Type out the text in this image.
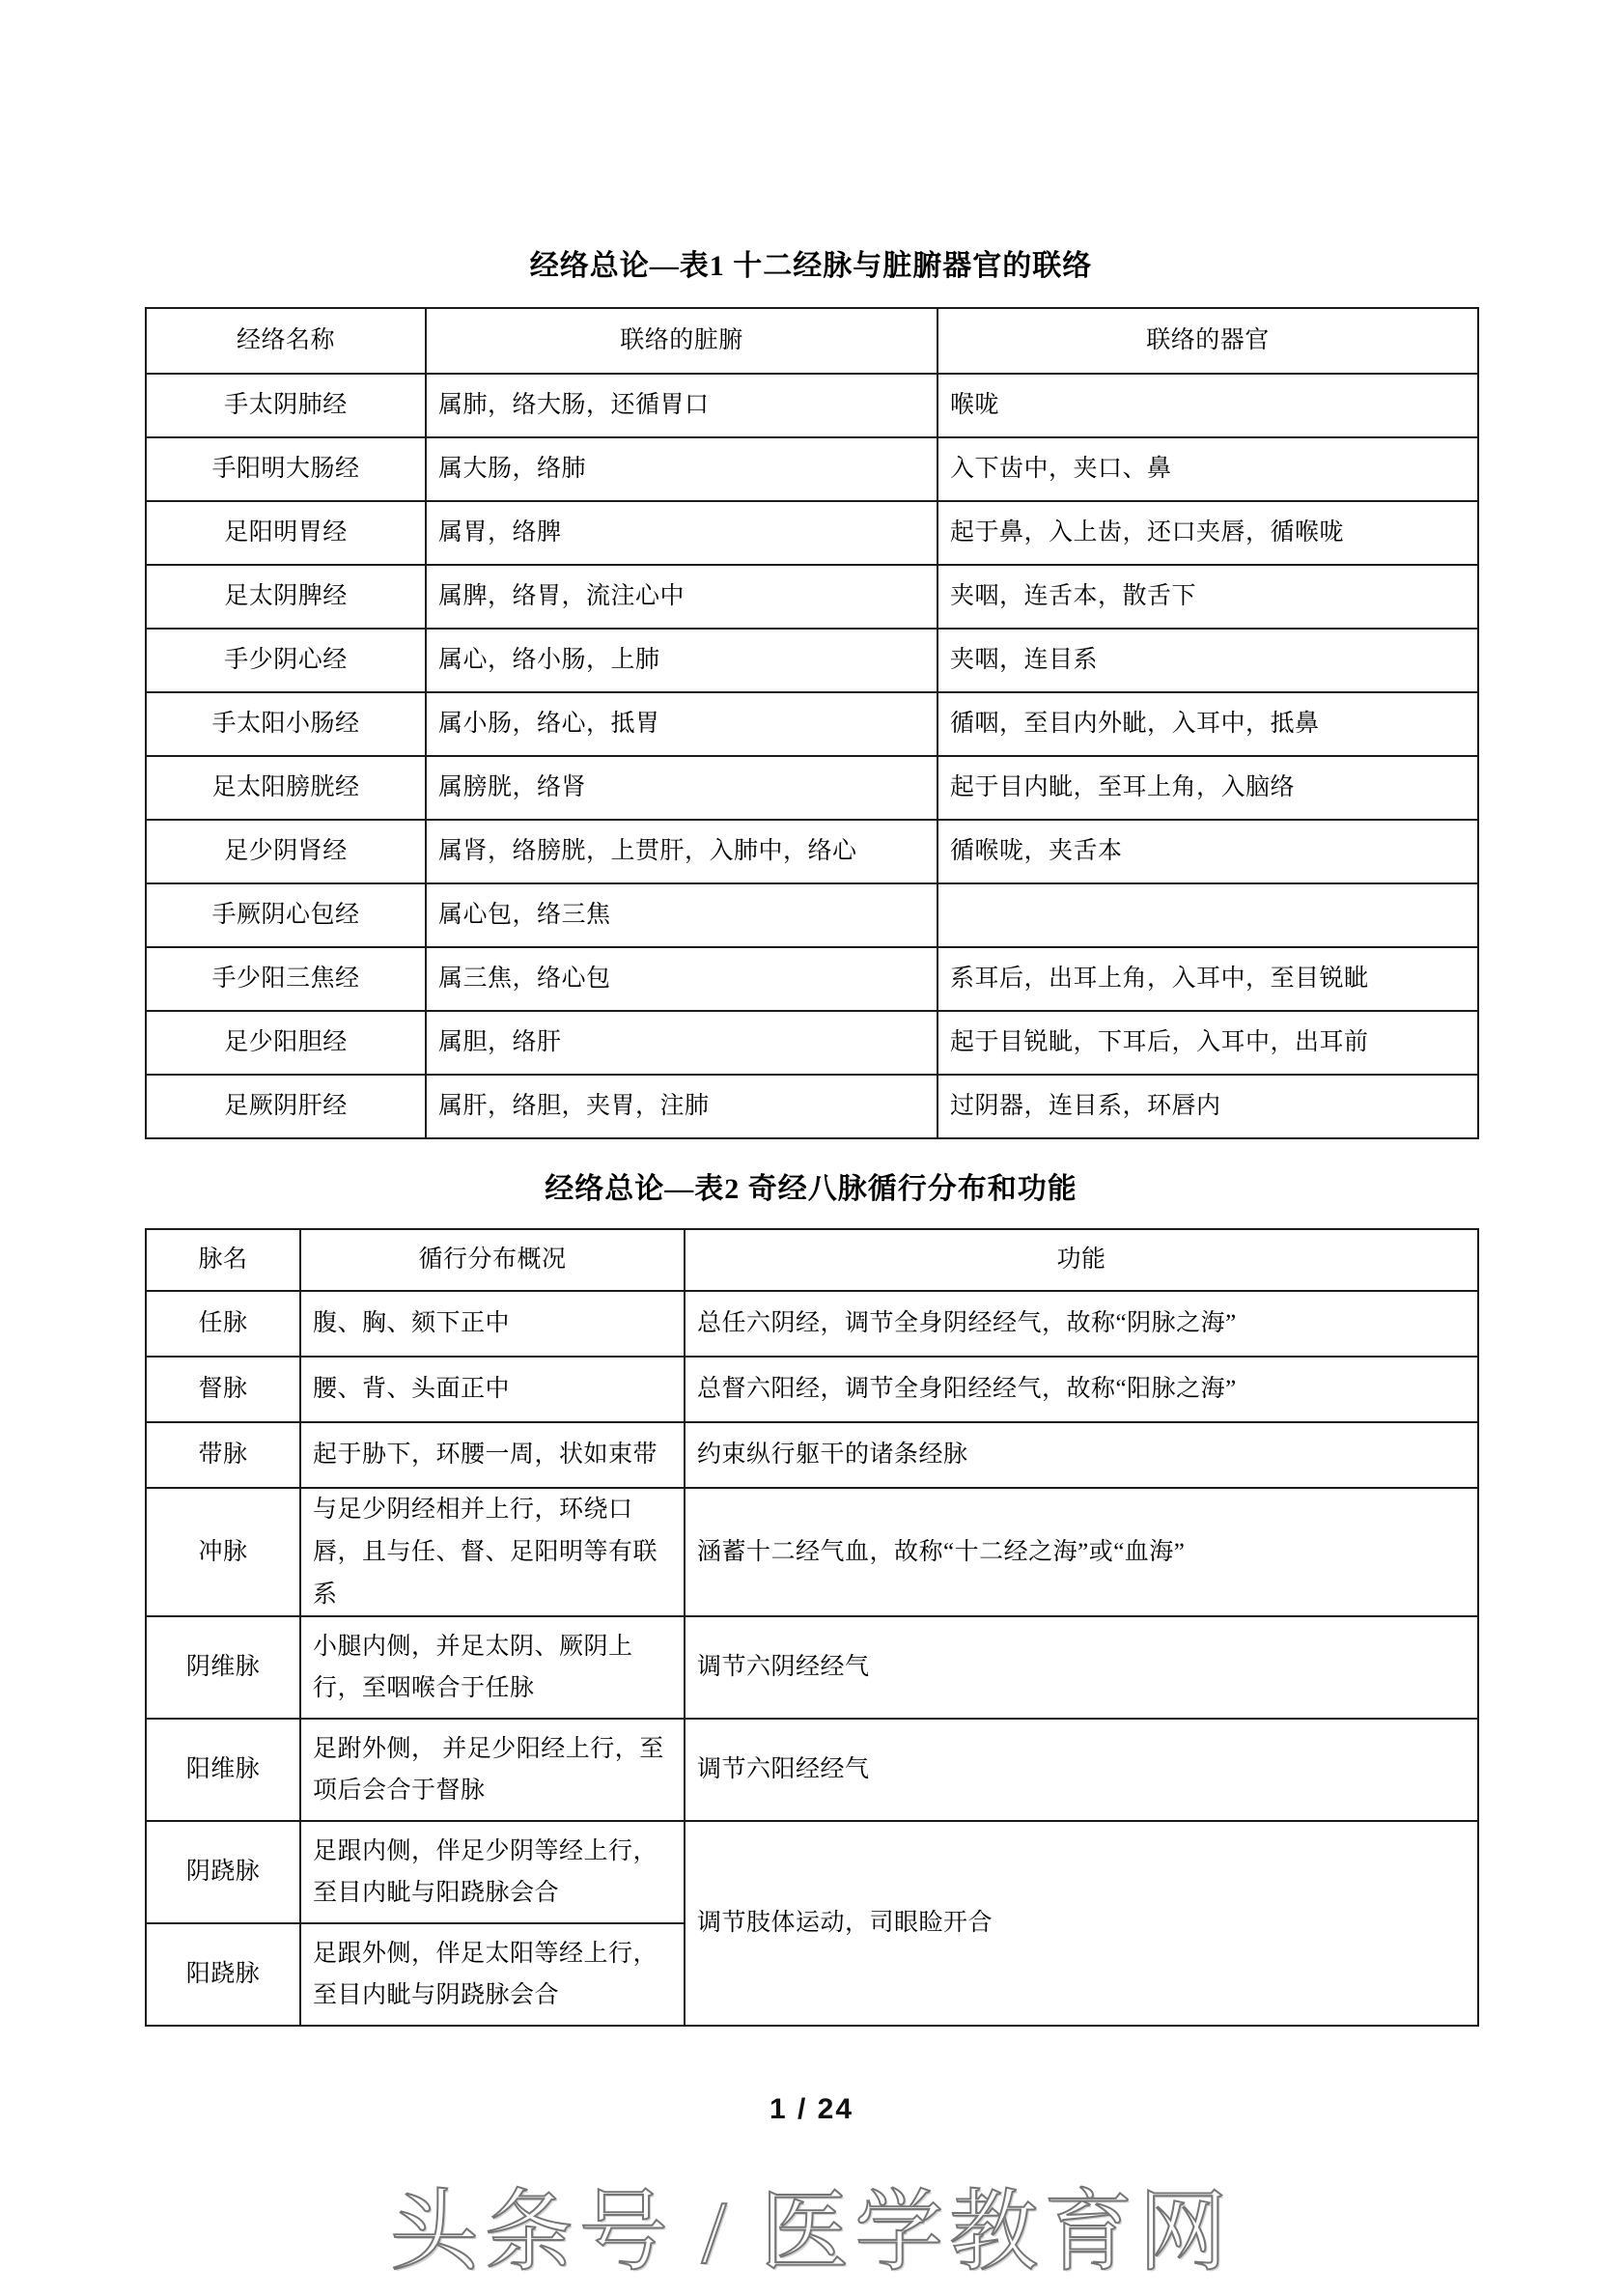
经络总论—表1 十二经脉与脏腑器官的联络
经络名称	联络的脏腑	联络的器官
手太阴肺经	属肺，络大肠，还循胃口	喉咙
手阳明大肠经	属大肠，络肺	入下齿中，夹口、鼻
足阳明胃经	属胃，络脾	起于鼻，入上齿，还口夹唇，循喉咙
足太阴脾经	属脾，络胃，流注心中	夹咽，连舌本，散舌下
手少阴心经	属心，络小肠，上肺	夹咽，连目系
手太阳小肠经	属小肠，络心，抵胃	循咽，至目内外眦，入耳中，抵鼻
足太阳膀胱经	属膀胱，络肾	起于目内眦，至耳上角，入脑络
足少阴肾经	属肾，络膀胱，上贯肝，入肺中，络心	循喉咙，夹舌本
手厥阴心包经	属心包，络三焦	
手少阳三焦经	属三焦，络心包	系耳后，出耳上角，入耳中，至目锐眦
足少阳胆经	属胆，络肝	起于目锐眦，下耳后，入耳中，出耳前
足厥阴肝经	属肝，络胆，夹胃，注肺	过阴器，连目系，环唇内
经络总论—表2 奇经八脉循行分布和功能
脉名	循行分布概况	功能
任脉	腹、胸、颏下正中	总任六阴经，调节全身阴经经气，故称“阴脉之海”
督脉	腰、背、头面正中	总督六阳经，调节全身阳经经气，故称“阳脉之海”
带脉	起于胁下，环腰一周，状如束带	约束纵行躯干的诸条经脉
冲脉	与足少阴经相并上行，环绕口唇，且与任、督、足阳明等有联系	涵蓄十二经气血，故称“十二经之海”或“血海”
阴维脉	小腿内侧，并足太阴、厥阴上行，至咽喉合于任脉	调节六阴经经气
阳维脉	足跗外侧， 并足少阳经上行，至项后会合于督脉	调节六阳经经气
阴跷脉	足跟内侧，伴足少阴等经上行，至目内眦与阳跷脉会合	调节肢体运动，司眼睑开合
阳跷脉	足跟外侧，伴足太阳等经上行，至目内眦与阴跷脉会合	
1 / 24
头条号 / 医学教育网
